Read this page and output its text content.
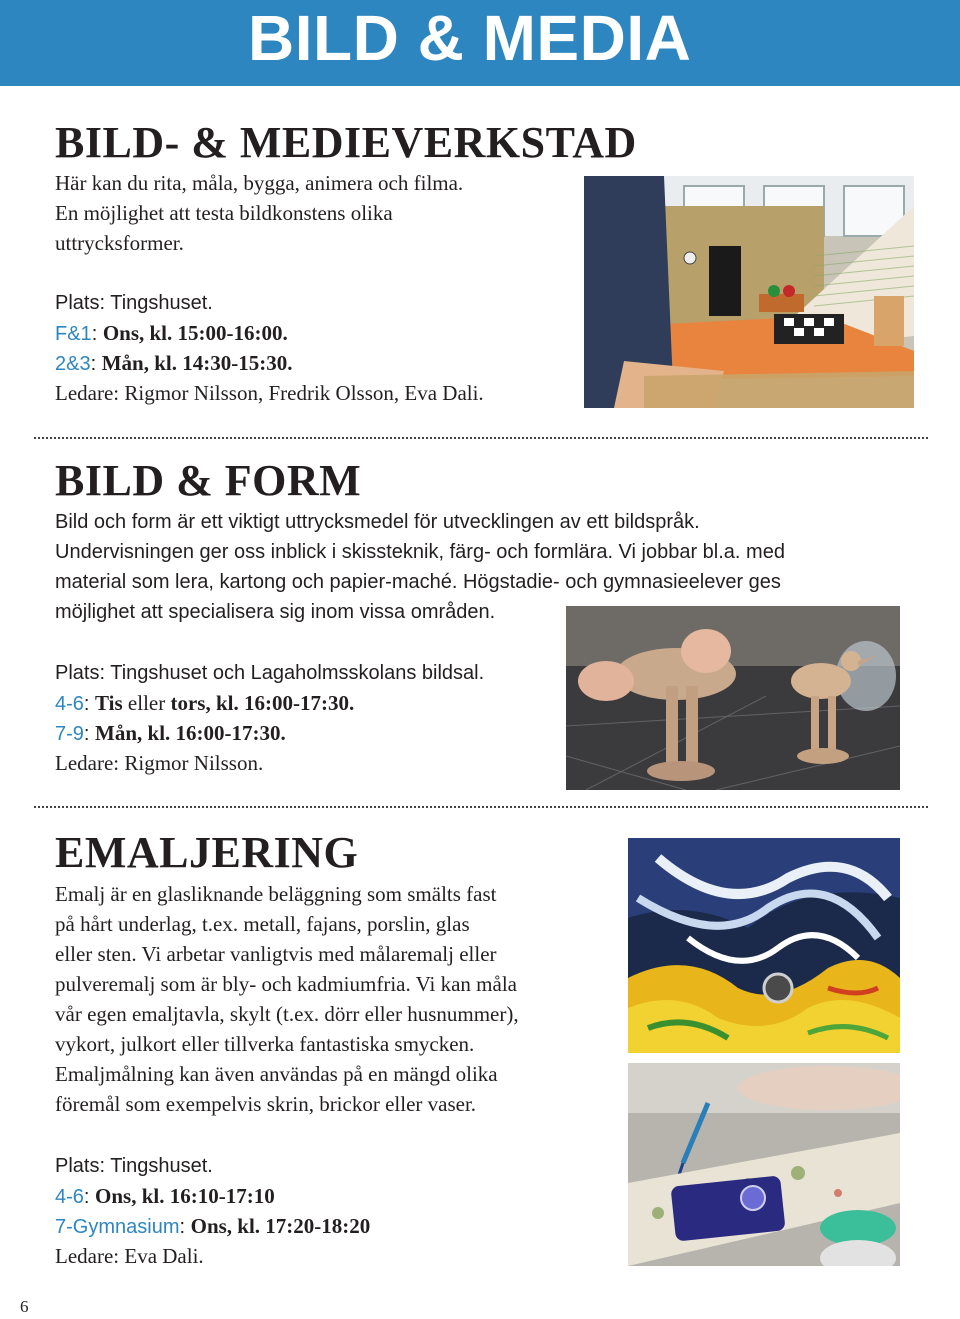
BILD & MEDIA
BILD- & MEDIEVERKSTAD
Här kan du rita, måla, bygga, animera och filma.
En möjlighet att testa bildkonstens olika
uttrycksformer.
Plats: Tingshuset.
F&1: Ons, kl. 15:00-16:00.
2&3: Mån, kl. 14:30-15:30.
Ledare: Rigmor Nilsson, Fredrik Olsson, Eva Dali.
BILD & FORM
Bild och form är ett viktigt uttrycksmedel för utvecklingen av ett bildspråk.
Undervisningen ger oss inblick i skissteknik, färg- och formlära. Vi jobbar bl.a. med
material som lera, kartong och papier-maché. Högstadie- och gymnasieelever ges
möjlighet att specialisera sig inom vissa områden.
Plats: Tingshuset och Lagaholmsskolans bildsal.
4-6: Tis eller tors, kl. 16:00-17:30.
7-9: Mån, kl. 16:00-17:30.
Ledare: Rigmor Nilsson.
EMALJERING
Emalj är en glasliknande beläggning som smälts fast
på hårt underlag, t.ex. metall, fajans, porslin, glas
eller sten. Vi arbetar vanligtvis med målaremalj eller
pulveremalj som är bly- och kadmiumfria. Vi kan måla
vår egen emaljtavla, skylt (t.ex. dörr eller husnummer),
vykort, julkort eller tillverka fantastiska smycken.
Emaljmålning kan även användas på en mängd olika
föremål som exempelvis skrin, brickor eller vaser.
Plats: Tingshuset.
4-6: Ons, kl. 16:10-17:10
7-Gymnasium: Ons, kl. 17:20-18:20
Ledare: Eva Dali.
6
